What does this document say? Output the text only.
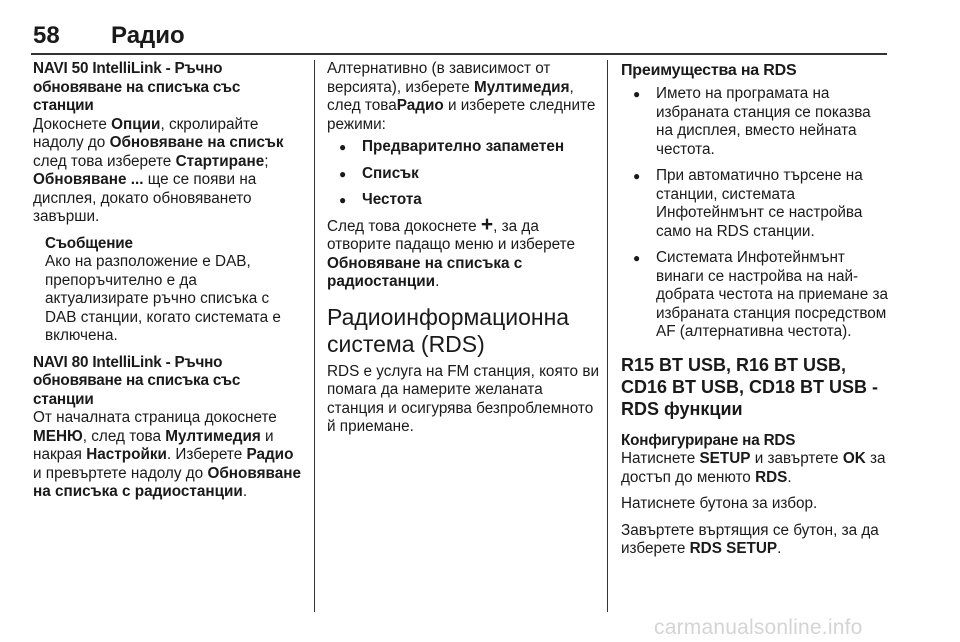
58 Радио
NAVI 50 IntelliLink - Ръчно обновяване на списъка със станции

Докоснете Опции, скролирайте надолу до Обновяване на списък след това изберете Стартиране; Обновяване ... ще се появи на дисплея, докато обновяването завърши.

Съобщение
Ако на разположение е DAB, препоръчително е да актуализирате ръчно списъка с DAB станции, когато системата е включена.
NAVI 80 IntelliLink - Ръчно обновяване на списъка със станции

От началната страница докоснете МЕНЮ, след това Мултимедия и накрая Настройки. Изберете Радио и превъртете надолу до Обновяване на списъка с радиостанции.

Алтернативно (в зависимост от версията), изберете Мултимедия, след товаРадио и изберете следните режими:

● Предварително запаметен
● Списък
● Честота

След това докоснете +, за да отворите падащо меню и изберете Обновяване на списъка с радиостанции.

Радиоинформационна система (RDS)

RDS е услуга на FM станция, която ви помага да намерите желаната станция и осигурява безпроблемното й приемане.

Преимущества на RDS
● Името на програмата на избраната станция се показва на дисплея, вместо нейната честота.
● При автоматично търсене на станции, системата Инфотейнмънт се настройва само на RDS станции.
● Системата Инфотейнмънт винаги се настройва на най-добрата честота на приемане за избраната станция посредством AF (алтернативна честота).
R15 BT USB, R16 BT USB, CD16 BT USB, CD18 BT USB - RDS функции
Конфигуриране на RDS

Натиснете SETUP и завъртете OK за достъп до менюто RDS.

Натиснете бутона за избор.

Завъртете въртящия се бутон, за да изберете RDS SETUP.

carmanualsonline.info
